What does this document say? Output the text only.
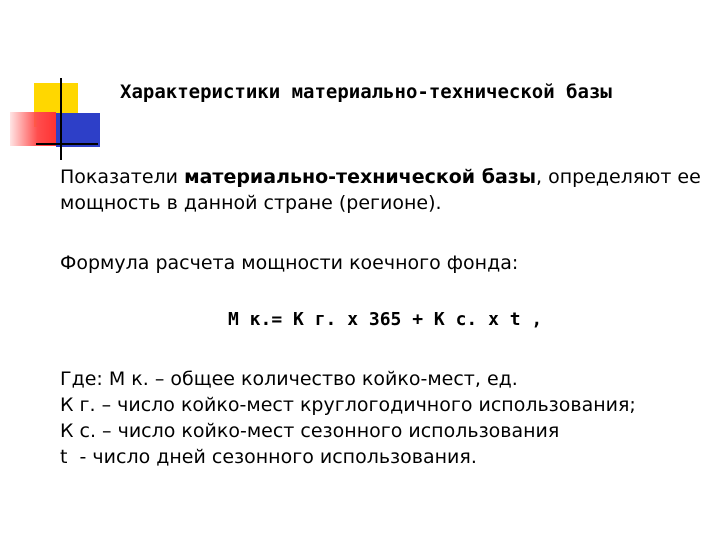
Характеристики материально-технической базы

Показатели материально-технической базы, определяют ее мощность в данной стране (регионе).

Формула расчета мощности коечного фонда:

М к.= К г. х 365 + К с. х t ,

Где: М к. – общее количество койко-мест, ед.
К г. – число койко-мест круглогодичного использования;
К с. – число койко-мест сезонного использования
t  - число дней сезонного использования.
